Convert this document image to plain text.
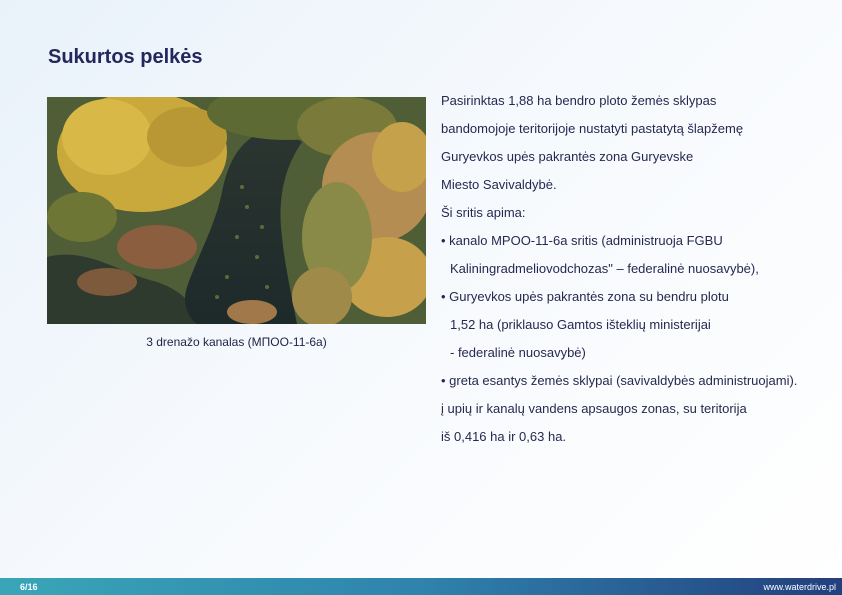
Sukurtos pelkės
3 drenažo kanalas (МПОО-11-6а)
Pasirinktas 1,88 ha bendro ploto žemės sklypas
bandomojoje teritorijoje nustatyti pastatytą šlapžemę
Guryevkos upės pakrantės zona Guryevske
Miesto Savivaldybė.
Ši sritis apima:
• kanalo MPOO-11-6a sritis (administruoja FGBU
Kaliningradmeliovodchozas" – federalinė nuosavybė),
• Guryevkos upės pakrantės zona su bendru plotu
1,52 ha (priklauso Gamtos išteklių ministerijai
- federalinė nuosavybė)
• greta esantys žemės sklypai (savivaldybės administruojami).
į upių ir kanalų vandens apsaugos zonas, su teritorija
iš 0,416 ha ir 0,63 ha.
6/16	www.waterdrive.pl
